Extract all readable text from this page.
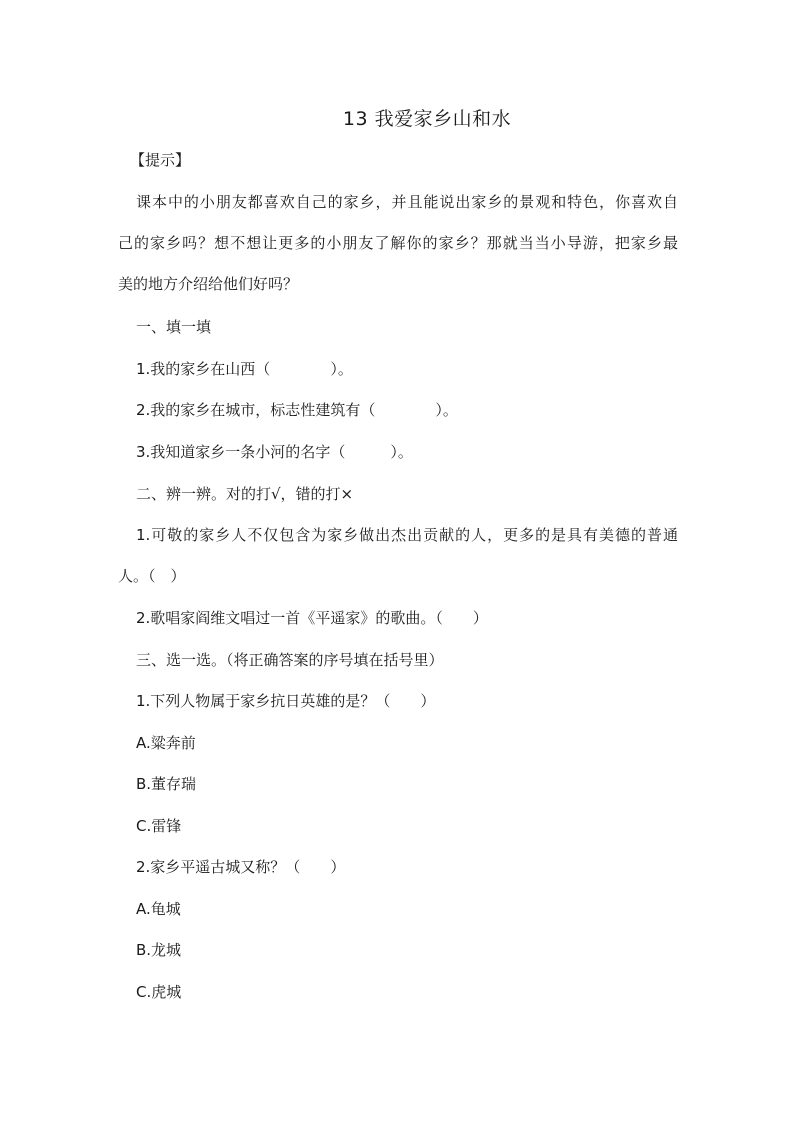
13 我爱家乡山和水
【提示】
课本中的小朋友都喜欢自己的家乡，并且能说出家乡的景观和特色，你喜欢自
己的家乡吗？想不想让更多的小朋友了解你的家乡？那就当当小导游，把家乡最
美的地方介绍给他们好吗？
一、填一填
1.我的家乡在山西（　　　　）。
2.我的家乡在城市，标志性建筑有（　　　　）。
3.我知道家乡一条小河的名字（　　　）。
二、辨一辨。对的打√，错的打×
1.可敬的家乡人不仅包含为家乡做出杰出贡献的人，更多的是具有美德的普通
人。（　）
2.歌唱家阎维文唱过一首《平遥家》的歌曲。（　　）
三、选一选。（将正确答案的序号填在括号里）
1.下列人物属于家乡抗日英雄的是？（　　）
A.粱奔前
B.董存瑞
C.雷锋
2.家乡平遥古城又称？（　　）
A.龟城
B.龙城
C.虎城
